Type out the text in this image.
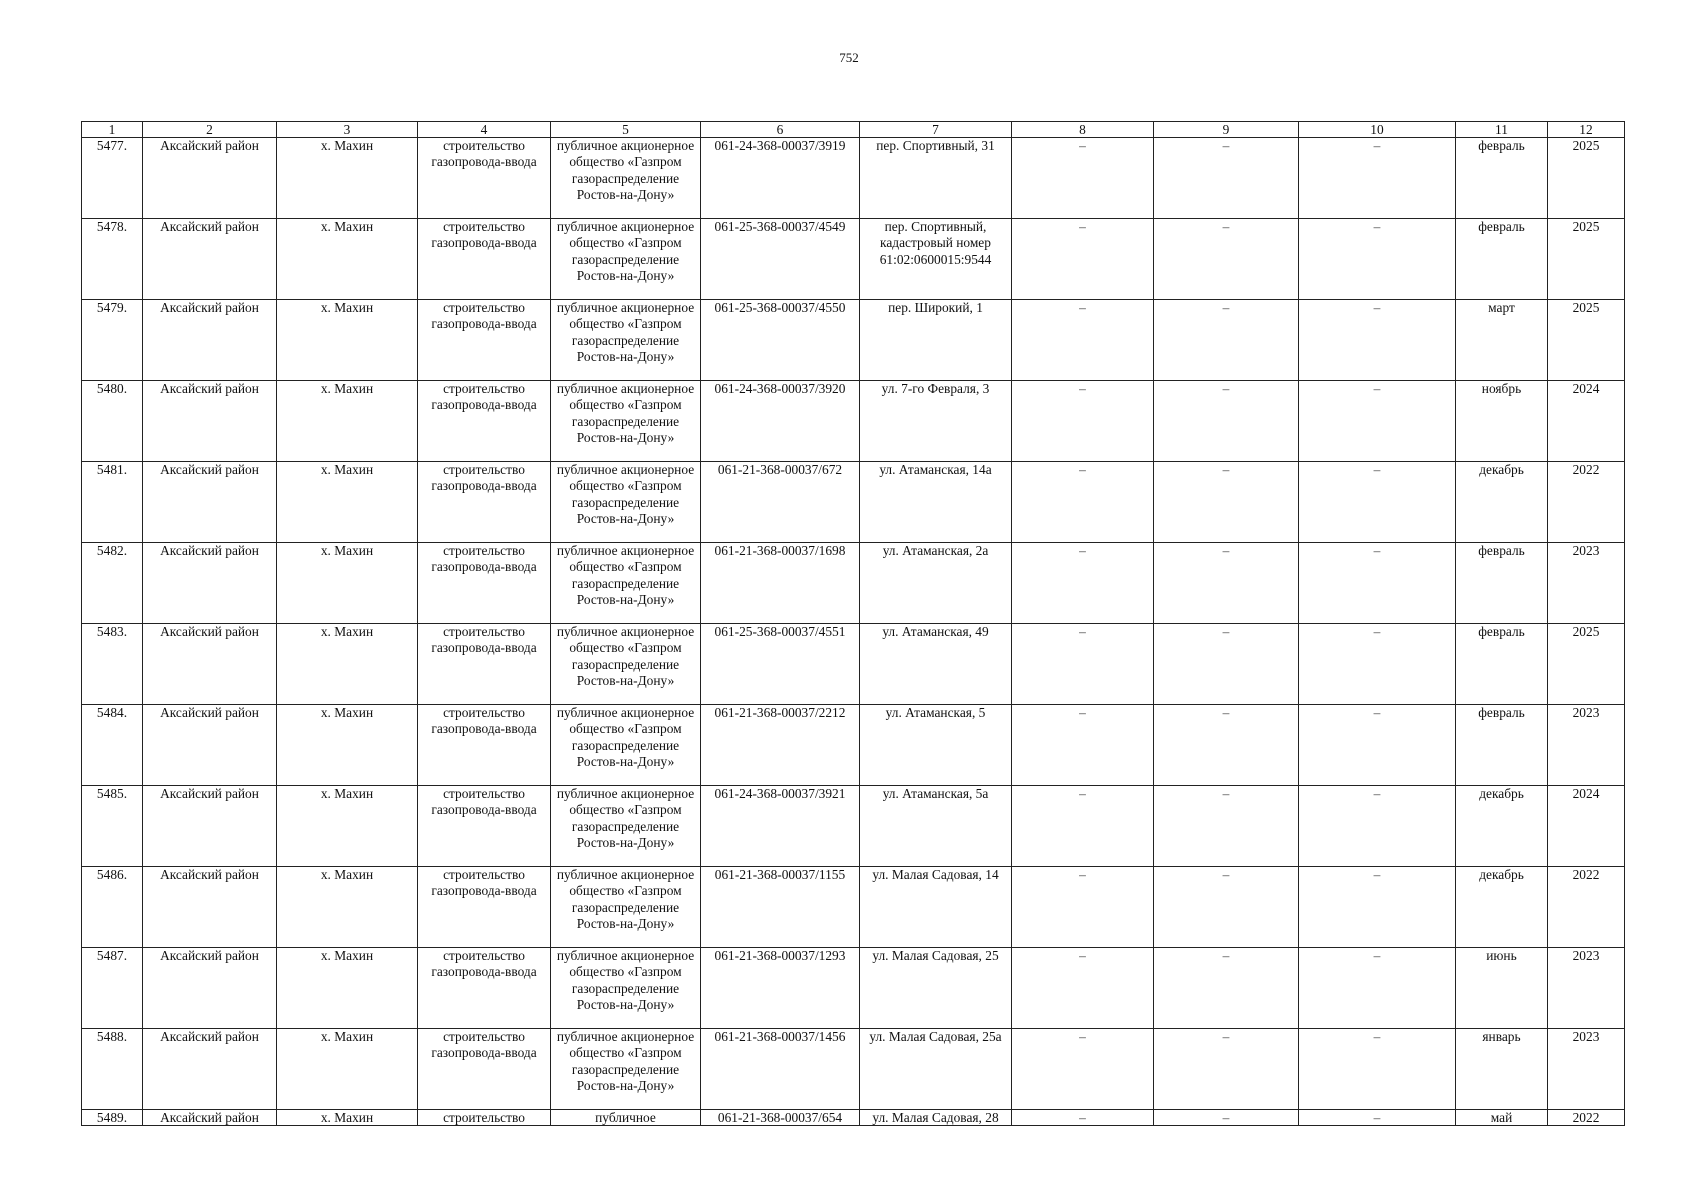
752
1	2	3	4	5	6	7	8	9	10	11	12
5477.	Аксайский район	х. Махин	строительство газопровода-ввода	публичное акционерное общество «Газпром газораспределение Ростов-на-Дону»	061-24-368-00037/3919	пер. Спортивный, 31	–	–	–	февраль	2025
5478.	Аксайский район	х. Махин	строительство газопровода-ввода	публичное акционерное общество «Газпром газораспределение Ростов-на-Дону»	061-25-368-00037/4549	пер. Спортивный, кадастровый номер 61:02:0600015:9544	–	–	–	февраль	2025
5479.	Аксайский район	х. Махин	строительство газопровода-ввода	публичное акционерное общество «Газпром газораспределение Ростов-на-Дону»	061-25-368-00037/4550	пер. Широкий, 1	–	–	–	март	2025
5480.	Аксайский район	х. Махин	строительство газопровода-ввода	публичное акционерное общество «Газпром газораспределение Ростов-на-Дону»	061-24-368-00037/3920	ул. 7-го Февраля, 3	–	–	–	ноябрь	2024
5481.	Аксайский район	х. Махин	строительство газопровода-ввода	публичное акционерное общество «Газпром газораспределение Ростов-на-Дону»	061-21-368-00037/672	ул. Атаманская, 14а	–	–	–	декабрь	2022
5482.	Аксайский район	х. Махин	строительство газопровода-ввода	публичное акционерное общество «Газпром газораспределение Ростов-на-Дону»	061-21-368-00037/1698	ул. Атаманская, 2а	–	–	–	февраль	2023
5483.	Аксайский район	х. Махин	строительство газопровода-ввода	публичное акционерное общество «Газпром газораспределение Ростов-на-Дону»	061-25-368-00037/4551	ул. Атаманская, 49	–	–	–	февраль	2025
5484.	Аксайский район	х. Махин	строительство газопровода-ввода	публичное акционерное общество «Газпром газораспределение Ростов-на-Дону»	061-21-368-00037/2212	ул. Атаманская, 5	–	–	–	февраль	2023
5485.	Аксайский район	х. Махин	строительство газопровода-ввода	публичное акционерное общество «Газпром газораспределение Ростов-на-Дону»	061-24-368-00037/3921	ул. Атаманская, 5а	–	–	–	декабрь	2024
5486.	Аксайский район	х. Махин	строительство газопровода-ввода	публичное акционерное общество «Газпром газораспределение Ростов-на-Дону»	061-21-368-00037/1155	ул. Малая Садовая, 14	–	–	–	декабрь	2022
5487.	Аксайский район	х. Махин	строительство газопровода-ввода	публичное акционерное общество «Газпром газораспределение Ростов-на-Дону»	061-21-368-00037/1293	ул. Малая Садовая, 25	–	–	–	июнь	2023
5488.	Аксайский район	х. Махин	строительство газопровода-ввода	публичное акционерное общество «Газпром газораспределение Ростов-на-Дону»	061-21-368-00037/1456	ул. Малая Садовая, 25а	–	–	–	январь	2023
5489.	Аксайский район	х. Махин	строительство	публичное	061-21-368-00037/654	ул. Малая Садовая, 28	–	–	–	май	2022
